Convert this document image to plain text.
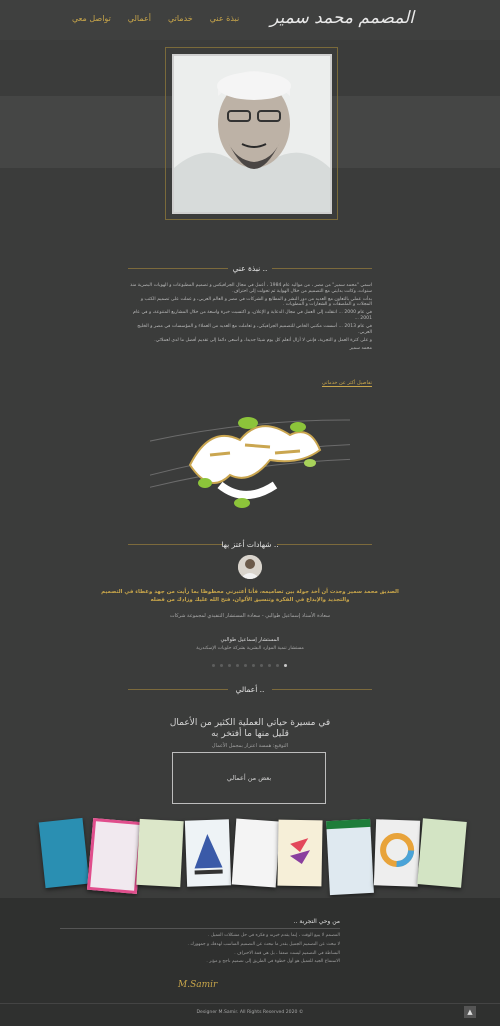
المصمم محمد سمير
نبذة عني
خدماتي
أعمالي
تواصل معي
نبذة عني ..

اسمي "محمد سمير" من مصر ، من مواليد عام 1984 ، أعمل في مجال الجرافيكس و تصميم المطبوعات و الهويات البصرية منذ سنوات، وكانت بدايتي مع التصميم من خلال الهواية ثم تحولت إلى احتراف.

بدأت عملي بالتعاون مع العديد من دور النشر و المطابع و الشركات في مصر و العالم العربي، و عملت على تصميم الكتب و المجلات و الملصقات و الشعارات و المطويات .

في عام 2000 ... انتقلت إلى العمل في مجال الدعاية و الإعلان، و اكتسبت خبرة واسعة من خلال المشاريع المتنوعة، و في عام 2001 ...

في عام 2013 ... أسست مكتبي الخاص للتصميم الجرافيكي، و تعاملت مع العديد من العملاء و المؤسسات في مصر و الخليج العربي.

و على كثرة العمل و التجربة، فإنني لا أزال أتعلم كل يوم شيئا جديدا، و أسعى دائما إلى تقديم أفضل ما لدي لعملائي.

محمد سمير

تفاصيل أكثر عن خدماتي
شهادات أعتز بها ..
الصديق محمد سمير وجدت أن أخذ جولة بين تصاميمه، فأنا أعتبرني محظوظا بما رأيت من جهد وعطاء في التصميم والتجديد والإبداع في الفكرة وتنسيق الألوان، فتح الله عليك وزادك من فضله
سعادة الأستاذ إسماعيل طوالبي - سعادة المستشار التنفيذي لمجموعة شركات
المستشار إسماعيل طوالبي
مستشار تنمية الموارد البشرية بشركة حلويات الإسكندرية
أعمالي ..
في مسيرة حياتي العملية الكثير من الأعمال
قليل منها ما أفتخر به
التوقيع: همسة اعتزاز بمجمل الأعمال
بعض من أعمالي
من وحي التجربة ..
المصمم لا يبيع الوقت ، إنما يقدم خبرته و فكره في حل مشكلات العميل .
لا تبحث عن التصميم الجميل بقدر ما تبحث عن التصميم المناسب لهدفك و جمهورك .
البساطة في التصميم ليست ضعفا ، بل هي قمة الاحتراف .
الاستماع الجيد للعميل هو أول خطوة في الطريق إلى تصميم ناجح و مؤثر .
M.Samir
Designer M.Samir. All Rights Reserved 2020 ©	▲
